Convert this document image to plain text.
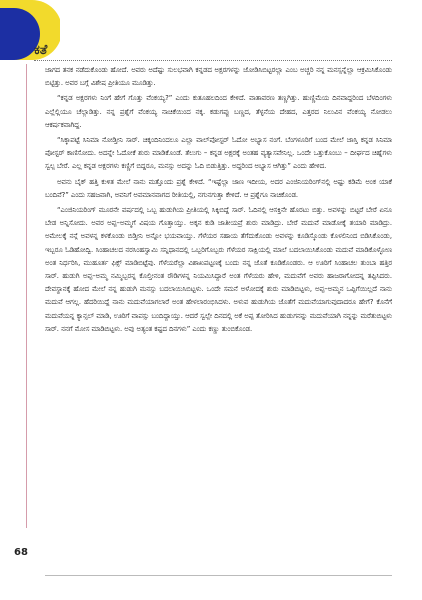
ಕತೆ

ಜಾಗದ ತನಕ ನಡೆದುಕೊಂಡು ಹೋದೆ. ಅವರು ಅದೆಷ್ಟು ಸುಲಭವಾಗಿ ಕನ್ನಡದ ಅಕ್ಷರಗಳನ್ನು ಜೋಡಿಸಿಬಿಟ್ಟರಲ್ಲಾ ಎಂಬ ಅಚ್ಚರಿ ನನ್ನ ಮನಸ್ಸನ್ನೆಲ್ಲಾ ಆಕ್ರಮಿಸಿಕೊಂಡು ಬಿಟ್ಟಿತ್ತು. ಅವರ ಬಗ್ಗೆ ವಿಶೇಷ ಪ್ರೀತಿಯೂ ಮೂಡಿತ್ತು.

“ಕನ್ನಡ ಅಕ್ಷರಗಳು ನಿಂಗೆ ಹೇಗೆ ಗೊತ್ತು ವೆಂಕಯ್ಯ?” ಎಂದು ಕುತೂಹಲದಿಂದ ಕೇಳಿದೆ. ವಾತಾವರಣ ತಣ್ಣಗಿತ್ತು. ಹುಣ್ಣಿಮೆಯ ದಿನವಾದ್ದರಿಂದ ಬೆಳದಿಂಗಳು ಎಲ್ಲೆಲ್ಲಿಯೂ ಚೆಲ್ಲಾಡಿತ್ತು. ನನ್ನ ಪ್ರಶ್ನೆಗೆ ವೆಂಕಯ್ಯ ನಾಚಿಕೆಯಿಂದ ನಕ್ಕ. ಕಡುಗಪ್ಪು ಬಣ್ಣದ, ತೆಳ್ಳನೆಯ ದೇಹದ, ಎತ್ತರದ ನಿಲುವಿನ ವೆಂಕಯ್ಯ ನೋಡಲು ಆಕರ್ಷಕವಾಗಿದ್ದ.

“ಸಿಕ್ಕಾಪಟ್ಟೆ ಸಿನಿಮಾ ನೋಡ್ತೀನಿ ಸಾರ್. ಚಿಕ್ಕಂದಿನಿಂದಲೂ ಎಲ್ಲಾ ವಾಲ್‌ಪೋಸ್ಟರ್ ಓದೋ ಅಭ್ಯಾಸ ನಂಗೆ. ಬೆಂಗಳೂರಿಗೆ ಬಂದ ಮೇಲೆ ಜಾಸ್ತಿ ಕನ್ನಡ ಸಿನಿಮಾ ಪೋಸ್ಟರ್ ಕಾಣಿಸೋದು. ಅದನ್ನೇ ಓದೋಕೆ ಶುರು ಮಾಡಿಕೊಂಡೆ. ತೆಲುಗು – ಕನ್ನಡ ಅಕ್ಷರಕ್ಕೆ ಅಂತಹ ವ್ಯತ್ಯಾಸವೇನಿಲ್ಲ. ಒಂದೇ ಒತ್ತುಕೊಂಬು – ದೀರ್ಘದ ಚಿಹ್ನೆಗಳು ಸ್ವಲ್ಪ ಬೇರೆ. ಎಲ್ಲ ಕನ್ನಡ ಅಕ್ಷರಗಳು ಕಣ್ಣಿಗೆ ಬಿದ್ದರೂ, ಮನಸ್ಸು ಅದನ್ನು ಓದಿ ಬಿಡುತ್ತಿತ್ತು. ಅದ್ದರಿಂದ ಅಭ್ಯಾಸ ಆಗಿತ್ತು” ಎಂದು ಹೇಳಿದ.

ಅವನು ಬೈಕ್ ಹತ್ತಿ ಕುಳಿತ ಮೇಲೆ ನಾನು ಮತ್ತೊಂದು ಪ್ರಶ್ನೆ ಕೇಳಿದೆ. “ಇಷ್ಟೆಲ್ಲಾ ಜಾಣ ಇದೀಯ, ಅದರ ಎಂಜಿನಿಯರಿಂಗ್‌ನಲ್ಲಿ ಅಷ್ಟು ಕಡಿಮೆ ಅಂಕ ಯಾಕೆ ಬಂದಿವೆ?” ಎಂದು ಸಹಜವಾಗಿ, ಅವನಿಗೆ ಅವಮಾನವಾಗದ ರೀತಿಯಲ್ಲಿ, ನಗುನಗುತ್ತಾ ಕೇಳಿದೆ. ಆ ಪ್ರಶ್ನೆಗೂ ನಾಚಿಕೊಂಡ.

“ಎಂಜಿನಿಯರಿಂಗ್ ಮೂರನೇ ವರ್ಷದಲ್ಲಿ ಒಬ್ಬ ಹುಡುಗಿಯ ಪ್ರೀತಿಯಲ್ಲಿ ಸಿಕ್ಕಿಬಿದ್ದೆ ಸಾರ್. ಓದಿನಲ್ಲಿ ಆಸಕ್ತಿನೇ ಹೊರಟು ಬಿತ್ತು. ಅವಳನ್ನು ಬಿಟ್ಟರೆ ಬೇರೆ ಏನೂ ಬೇಡ ಅನ್ನಿಸೋದು. ಅವರ ಅಪ್ಪ–ಅಮ್ಮಗೆ ವಿಷಯ ಗೊತ್ತಾಯ್ತು. ಅಕ್ಕನ ಕುಡಿ ಜಾತೀಯವ್ರೆ ಶುರು ಮಾಡಿದ್ರು. ಬೇರೆ ಮದುವೆ ಮಾಡೋಕ್ಕೆ ತಯಾರಿ ಮಾಡಿದ್ರು. ಅಮೇಲಕ್ಕೆ ನನ್ಗೆ ಅವಳನ್ನ ಕಳಕೊಂಡು ಬಿಡ್ತೀನಿ ಅನ್ನೋ ಭಯವಾಯ್ತು. ಗೆಳೆಯರ ಸಹಾಯ ತೆಗೆದುಕೊಂಡು ಅವಳನ್ನು ಕೂಡಿಸ್ಕೊಂಡು ಕೊಳಲಿನಿಂದ ಬಿಡಿಸಿಕೊಂಡು, ಇಬ್ಬರೂ ಓಡಿಹೋದ್ವಿ. ಸಿಂಹಾಚಲದ ನರಸಿಂಹಸ್ವಾಮಿ ಸನ್ನಿಧಾನದಲ್ಲಿ ಒಬ್ಬರಿಗೊಬ್ಬರು ಗೆಳೆಯರ ಸಾಕ್ಷಿಯಲ್ಲಿ ಮಾಲೆ ಬದಲಾಯಿಸಿಕೊಂಡು ಮದುವೆ ಮಾಡಿಕೊಳ್ಳೋಣ ಅಂತ ನಿರ್ಧರಿಸಿ, ಮುಹೂರ್ತ ಫಿಕ್ಸ್ ಮಾಡಿಬಿಟ್ಟೆವು. ಗೆಳೆಯರೆಲ್ಲಾ ವಿಶಾಖಪಟ್ಟಣಕ್ಕೆ ಬಂದು ನನ್ನ ಜೊತೆ ಕೂಡಿಕೊಂಡರು. ಆ ಊರಿಗೆ ಸಿಂಹಾಚಲ ತುಂಬಾ ಹತ್ತಿರ ಸಾರ್. ಹುಡುಗಿ ಅಪ್ಪ–ಅಮ್ಮ ನಮ್ಮಿಬ್ಬರನ್ನ ಕೊಲ್ತೀನಂತ ರೌಡಿಗಳನ್ನ ನಿಯಮಿಸಿದ್ದಾರೆ ಅಂತ ಗೆಳೆಯರು ಹೇಳಿ, ಮದುವೆಗೆ ಅವರು ಹಾಜರಾಗೋದನ್ನ ತಪ್ಪಿಸಿದರು. ದೇವಸ್ಥಾನಕ್ಕೆ ಹೋದ ಮೇಲೆ ನನ್ನ ಹುಡುಗಿ ಮನಸ್ಸು ಬದಲಾಯಿಸಿಬಿಟ್ಟಳು. ಒಂದೇ ಸಮನೆ ಅಳೋದಕ್ಕೆ ಶುರು ಮಾಡಿಬಿಟ್ಟಳು, ಅಪ್ಪ–ಅಮ್ಮನ ಒಪ್ಪಿಗೆಯಿಲ್ಲದೆ ನಾನು ಮದುವೆ ಆಗಲ್ಲ. ಹೆದರಿಯಿದ್ದೆ ನಾನು ಮದುವೆಯಾಗಲಾರೆ ಅಂತ ಹೇಳಲಾರಂಭಿಸಿದಳು. ಅಳುವ ಹುಡುಗಿಯ ಜೊತೆಗೆ ಮದುವೆಯಾಗುವುದಾದರೂ ಹೇಗೆ? ಕೊನೆಗೆ ಮದುವೆಯನ್ನ ಕ್ಯಾನ್ಸಲ್ ಮಾಡಿ, ಊರಿಗೆ ವಾಪಸ್ಸು ಬಂದಿದ್ದಾಯ್ತು. ಆದರೆ ಸ್ವಲ್ಪೇ ದಿನದಲ್ಲಿ ಅಕೆ ಅಪ್ಪ ತೋರಿಸಿದ ಹುಡುಗನನ್ನು ಮದುವೆಯಾಗಿ ನನ್ನನ್ನು ಮರೆತುಬಿಟ್ಟಳು ಸಾರ್. ನನಗೆ ಮೋಸ ಮಾಡಿಬಿಟ್ಟಳು. ಅವು ಅತ್ಯಂತ ಕಷ್ಟದ ದಿನಗಳು” ಎಂದು ಕಣ್ಣು ತುಂಬಿಕೊಂಡ.

68
